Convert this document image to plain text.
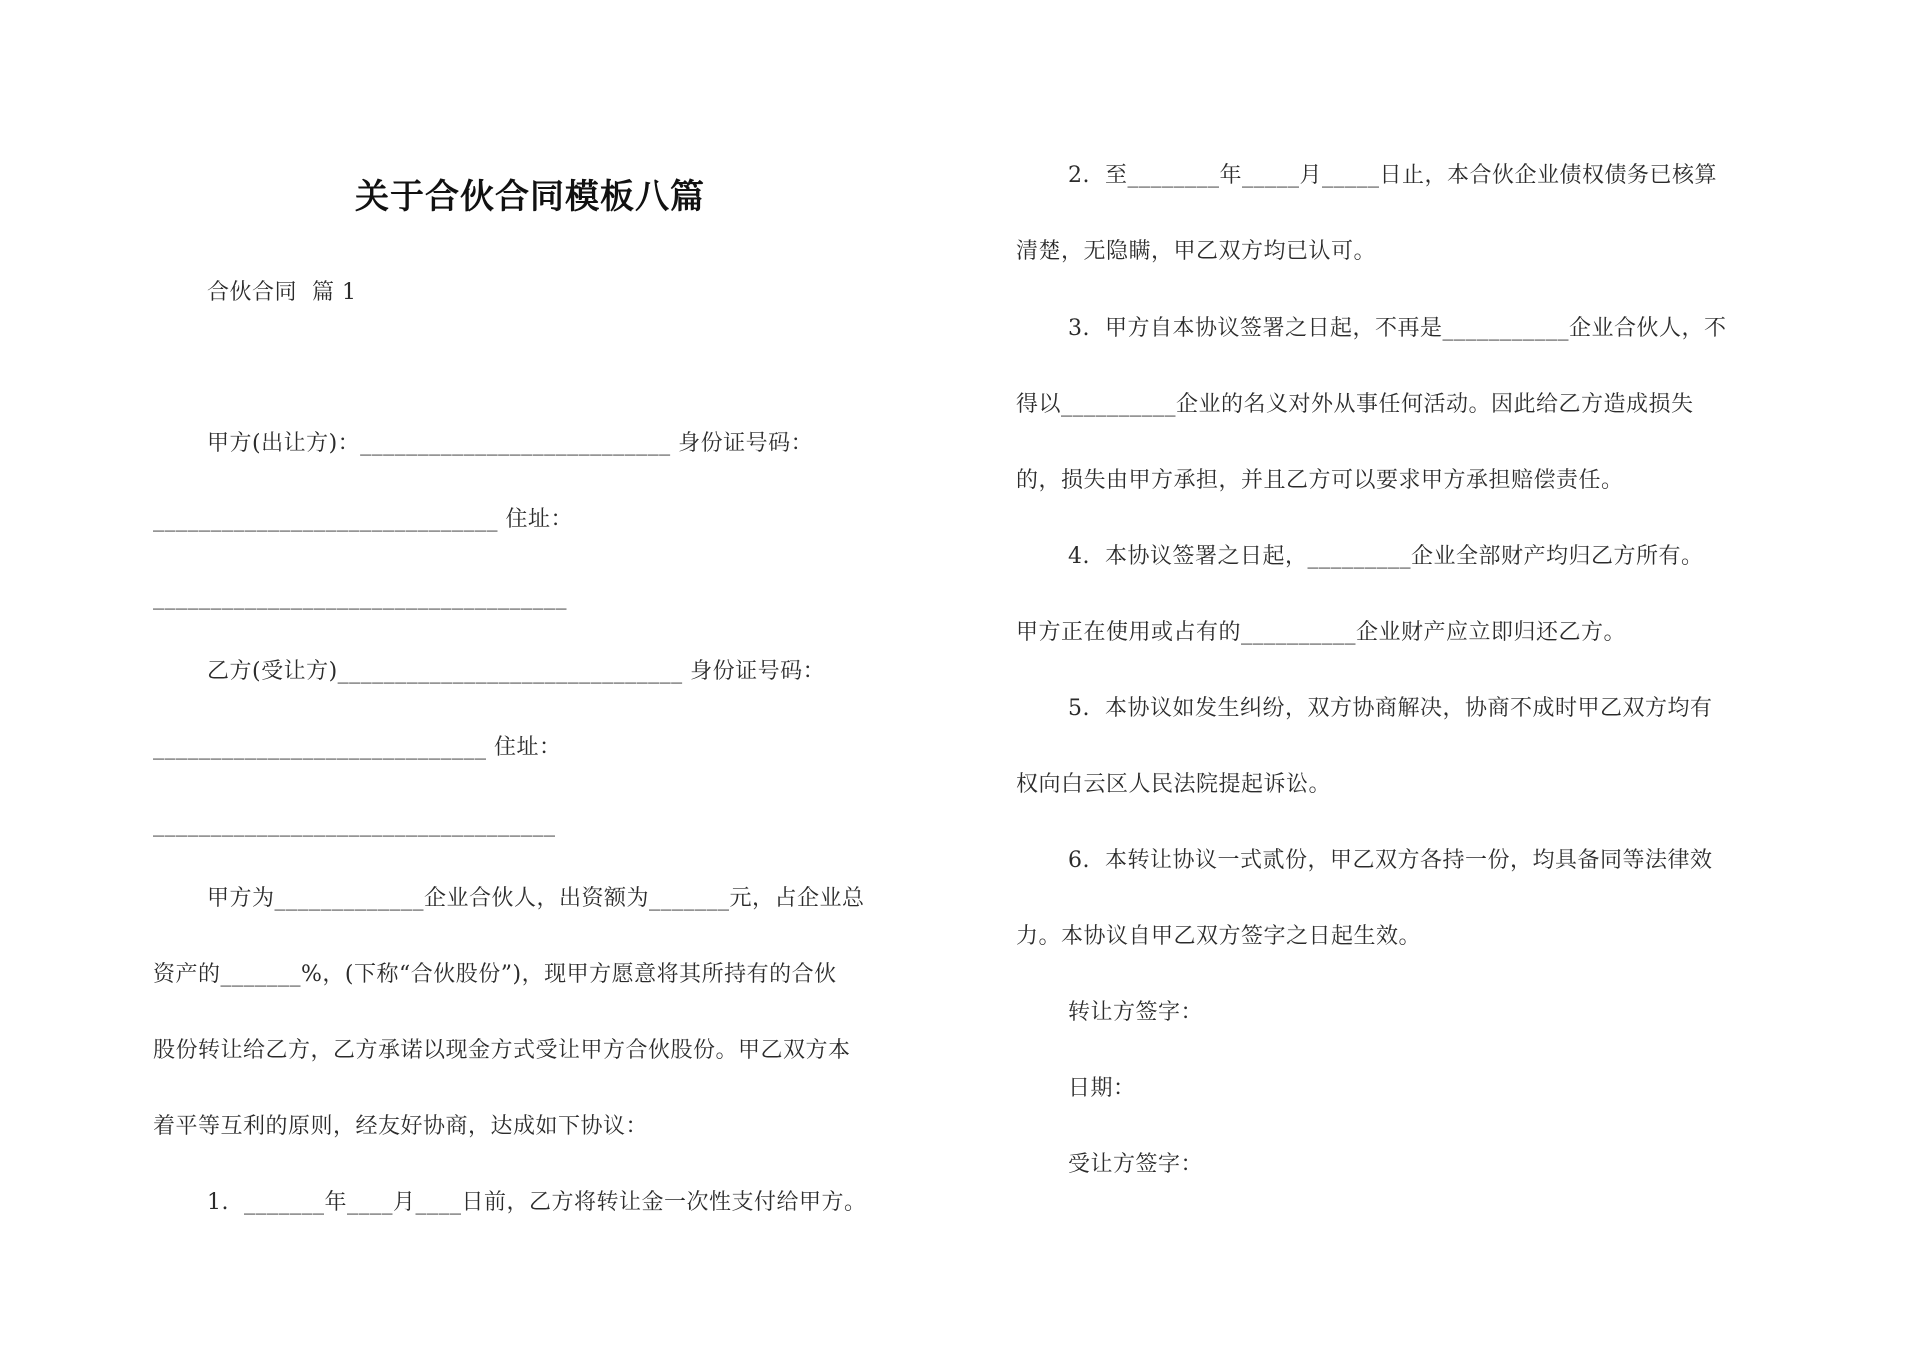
关于合伙合同模板八篇
合伙合同  篇 1
甲方(出让方)：___________________________ 身份证号码：
______________________________ 住址：
____________________________________
乙方(受让方)______________________________ 身份证号码：
_____________________________ 住址：
___________________________________
甲方为_____________企业合伙人，出资额为_______元，占企业总
资产的_______%，(下称“合伙股份”)，现甲方愿意将其所持有的合伙
股份转让给乙方，乙方承诺以现金方式受让甲方合伙股份。甲乙双方本
着平等互利的原则，经友好协商，达成如下协议：
1.  _______年____月____日前，乙方将转让金一次性支付给甲方。
2.  至________年_____月_____日止，本合伙企业债权债务已核算
清楚，无隐瞒，甲乙双方均已认可。
3.  甲方自本协议签署之日起，不再是___________企业合伙人，不
得以__________企业的名义对外从事任何活动。因此给乙方造成损失
的，损失由甲方承担，并且乙方可以要求甲方承担赔偿责任。
4.  本协议签署之日起，_________企业全部财产均归乙方所有。
甲方正在使用或占有的__________企业财产应立即归还乙方。
5.  本协议如发生纠纷，双方协商解决，协商不成时甲乙双方均有
权向白云区人民法院提起诉讼。
6.  本转让协议一式贰份，甲乙双方各持一份，均具备同等法律效
力。本协议自甲乙双方签字之日起生效。
转让方签字：
日期：
受让方签字：
